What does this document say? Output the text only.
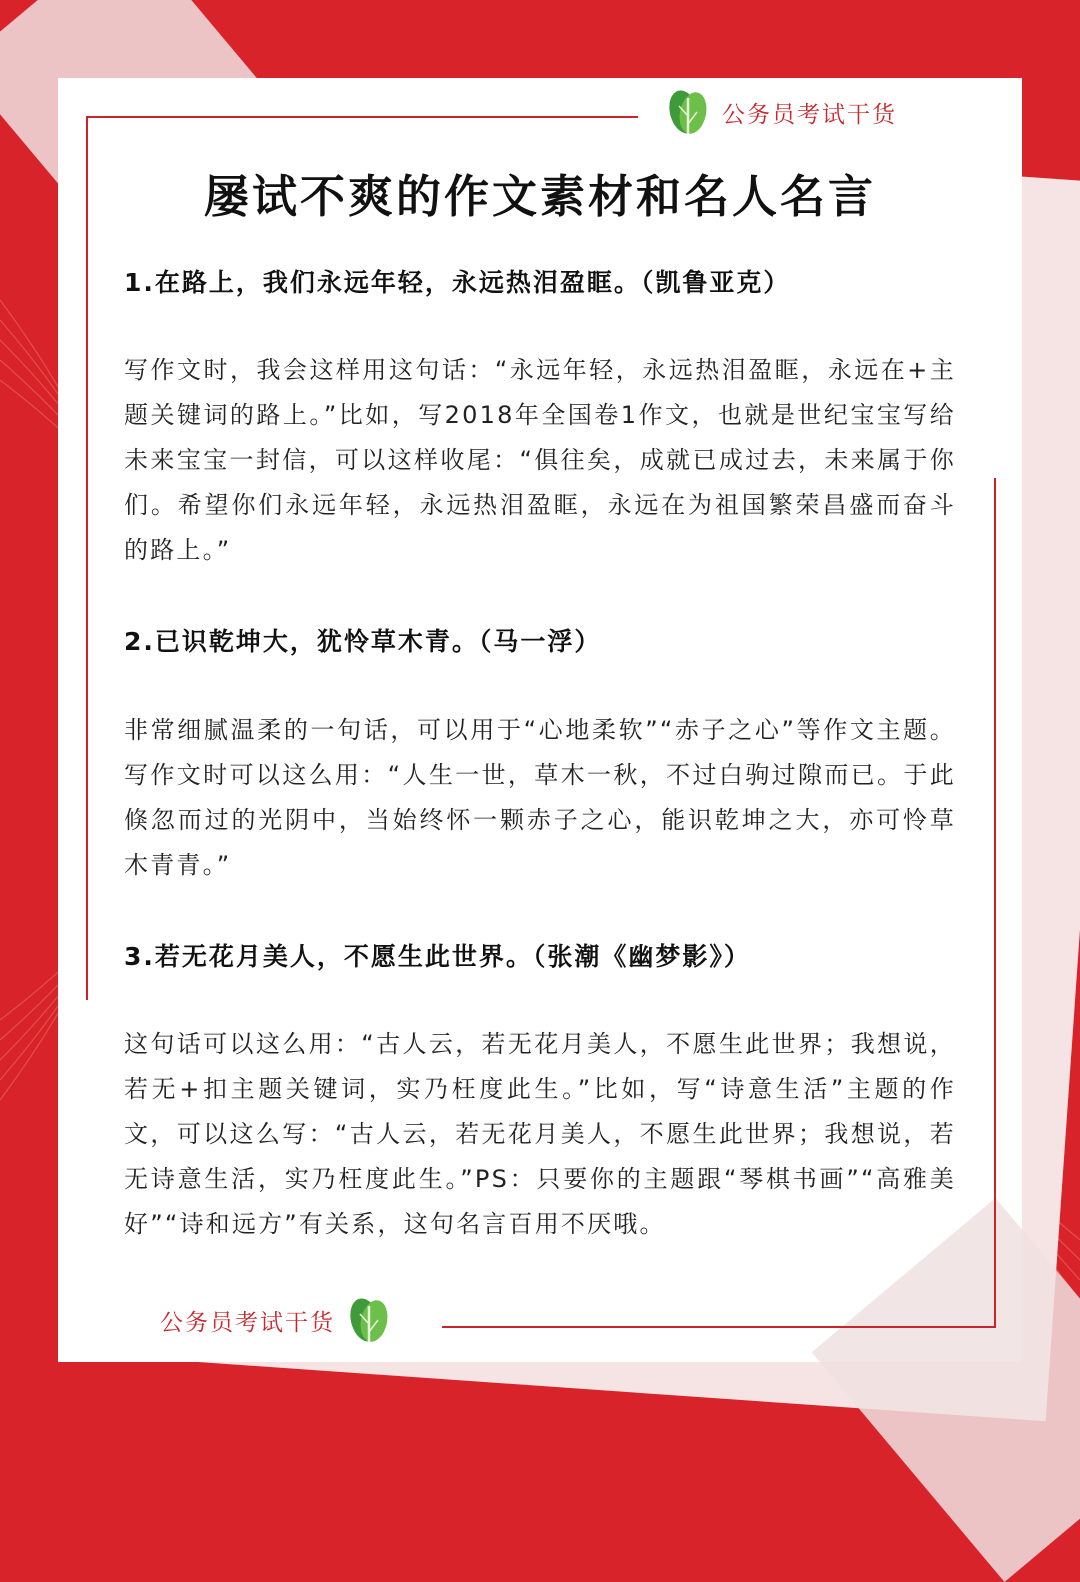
公务员考试干货
屡试不爽的作文素材和名人名言
1.在路上，我们永远年轻，永远热泪盈眶。（凯鲁亚克）
写作文时，我会这样用这句话：“永远年轻，永远热泪盈眶，永远在+主题关键词的路上。”比如，写2018年全国卷1作文，也就是世纪宝宝写给未来宝宝一封信，可以这样收尾：“俱往矣，成就已成过去，未来属于你们。希望你们永远年轻，永远热泪盈眶，永远在为祖国繁荣昌盛而奋斗的路上。”
2.已识乾坤大，犹怜草木青。（马一浮）
非常细腻温柔的一句话，可以用于“心地柔软”“赤子之心”等作文主题。写作文时可以这么用：“人生一世，草木一秋，不过白驹过隙而已。于此倏忽而过的光阴中，当始终怀一颗赤子之心，能识乾坤之大，亦可怜草木青青。”
3.若无花月美人，不愿生此世界。（张潮《幽梦影》）
这句话可以这么用：“古人云，若无花月美人，不愿生此世界；我想说，若无+扣主题关键词，实乃枉度此生。”比如，写“诗意生活”主题的作文，可以这么写：“古人云，若无花月美人，不愿生此世界；我想说，若无诗意生活，实乃枉度此生。”PS：只要你的主题跟“琴棋书画”“高雅美好”“诗和远方”有关系，这句名言百用不厌哦。
公务员考试干货
